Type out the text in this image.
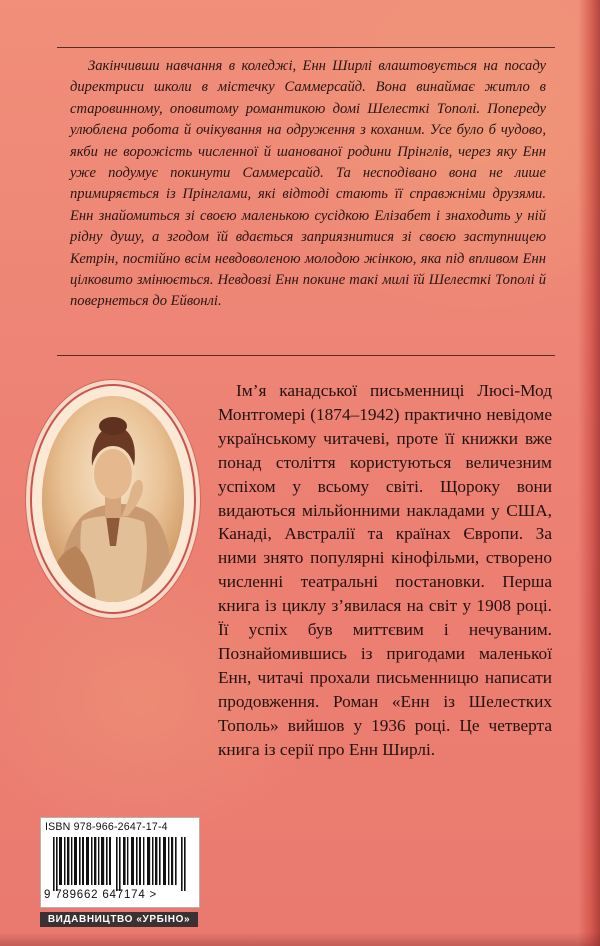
Закінчивши навчання в коледжі, Енн Ширлі влаштовується на посаду директриси школи в містечку Саммерсайд. Вона винаймає житло в старовинному, оповитому романтикою домі Шелесткі Тополі. Попереду улюблена робота й очікування на одруження з коханим. Усе було б чудово, якби не ворожість численної й шанованої родини Прінглів, через яку Енн уже подумує покинути Саммерсайд. Та несподівано вона не лише примиряється із Прінглами, які відтоді стають її справжніми друзями. Енн знайомиться зі своєю маленькою сусідкою Елізабет і знаходить у ній рідну душу, а згодом їй вдається заприязнитися зі своєю заступницею Кетрін, постійно всім невдоволеною молодою жінкою, яка під впливом Енн цілковито змінюється. Невдовзі Енн покине такі милі їй Шелесткі Тополі й повернеться до Ейвонлі.

Ім’я канадської письменниці Люсі-Мод Монтгомері (1874–1942) практично невідоме українському читачеві, проте її книжки вже понад століття користуються величезним успіхом у всьому світі. Щороку вони видаються мільйонними накладами у США, Канаді, Австралії та країнах Європи. За ними знято популярні кінофільми, створено численні театральні постановки. Перша книга із циклу з’явилася на світ у 1908 році. Її успіх був миттєвим і нечуваним. Познайомившись із пригодами маленької Енн, читачі прохали письменницю написати продовження. Роман «Енн із Шелестких Тополь» вийшов у 1936 році. Це четверта книга із серії про Енн Ширлі.

ISBN 978-966-2647-17-4
9 789662 647174 >
ВИДАВНИЦТВО «УРБІНО»
